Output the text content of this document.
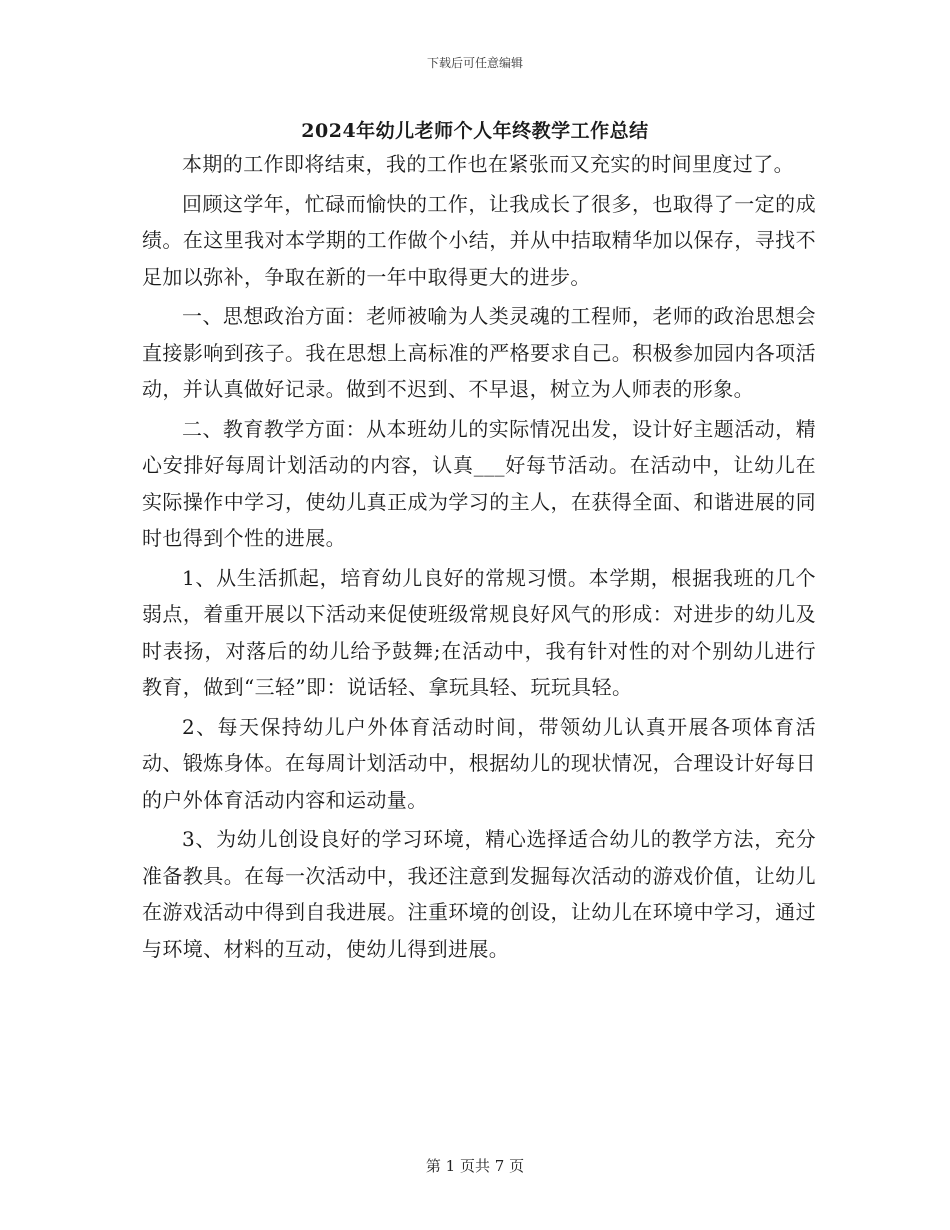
下载后可任意编辑
2024年幼儿老师个人年终教学工作总结

本期的工作即将结束，我的工作也在紧张而又充实的时间里度过了。

回顾这学年，忙碌而愉快的工作，让我成长了很多，也取得了一定的成绩。在这里我对本学期的工作做个小结，并从中拮取精华加以保存，寻找不足加以弥补，争取在新的一年中取得更大的进步。

一、思想政治方面：老师被喻为人类灵魂的工程师，老师的政治思想会直接影响到孩子。我在思想上高标准的严格要求自己。积极参加园内各项活动，并认真做好记录。做到不迟到、不早退，树立为人师表的形象。

二、教育教学方面：从本班幼儿的实际情况出发，设计好主题活动，精心安排好每周计划活动的内容，认真___好每节活动。在活动中，让幼儿在实际操作中学习，使幼儿真正成为学习的主人，在获得全面、和谐进展的同时也得到个性的进展。

1、从生活抓起，培育幼儿良好的常规习惯。本学期，根据我班的几个弱点，着重开展以下活动来促使班级常规良好风气的形成：对进步的幼儿及时表扬，对落后的幼儿给予鼓舞;在活动中，我有针对性的对个别幼儿进行教育，做到“三轻”即：说话轻、拿玩具轻、玩玩具轻。

2、每天保持幼儿户外体育活动时间，带领幼儿认真开展各项体育活动、锻炼身体。在每周计划活动中，根据幼儿的现状情况，合理设计好每日的户外体育活动内容和运动量。

3、为幼儿创设良好的学习环境，精心选择适合幼儿的教学方法，充分准备教具。在每一次活动中，我还注意到发掘每次活动的游戏价值，让幼儿在游戏活动中得到自我进展。注重环境的创设，让幼儿在环境中学习，通过与环境、材料的互动，使幼儿得到进展。

第 1 页共 7 页
